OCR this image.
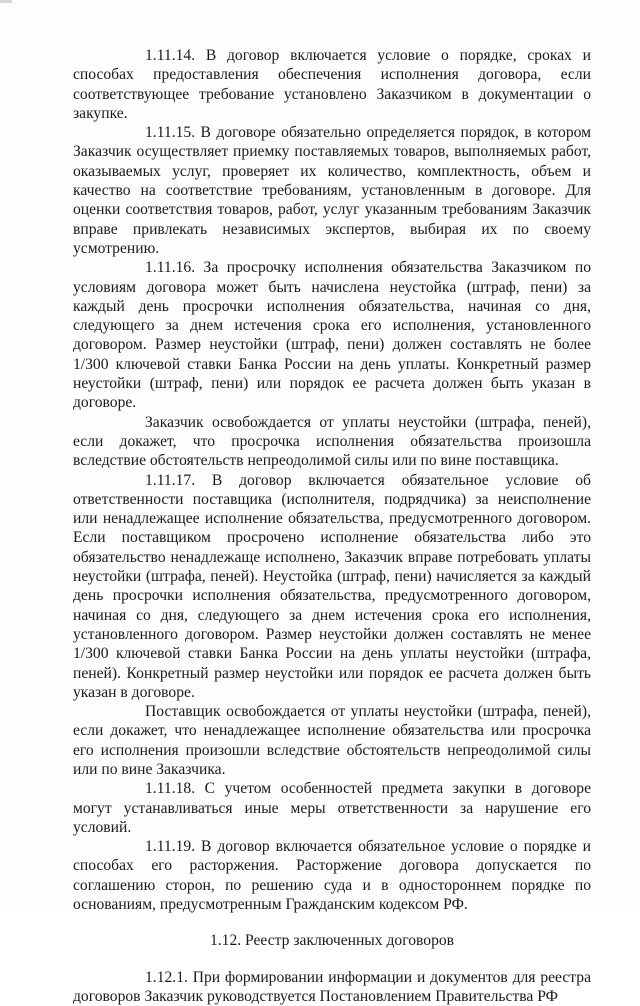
1.11.14. В договор включается условие о порядке, сроках и способах предоставления обеспечения исполнения договора, если соответствующее требование установлено Заказчиком в документации о закупке.

1.11.15. В договоре обязательно определяется порядок, в котором Заказчик осуществляет приемку поставляемых товаров, выполняемых работ, оказываемых услуг, проверяет их количество, комплектность, объем и качество на соответствие требованиям, установленным в договоре. Для оценки соответствия товаров, работ, услуг указанным требованиям Заказчик вправе привлекать независимых экспертов, выбирая их по своему усмотрению.

1.11.16. За просрочку исполнения обязательства Заказчиком по условиям договора может быть начислена неустойка (штраф, пени) за каждый день просрочки исполнения обязательства, начиная со дня, следующего за днем истечения срока его исполнения, установленного договором. Размер неустойки (штраф, пени) должен составлять не более 1/300 ключевой ставки Банка России на день уплаты. Конкретный размер неустойки (штраф, пени) или порядок ее расчета должен быть указан в договоре.

Заказчик освобождается от уплаты неустойки (штрафа, пеней), если докажет, что просрочка исполнения обязательства произошла вследствие обстоятельств непреодолимой силы или по вине поставщика.

1.11.17. В договор включается обязательное условие об ответственности поставщика (исполнителя, подрядчика) за неисполнение или ненадлежащее исполнение обязательства, предусмотренного договором. Если поставщиком просрочено исполнение обязательства либо это обязательство ненадлежаще исполнено, Заказчик вправе потребовать уплаты неустойки (штрафа, пеней). Неустойка (штраф, пени) начисляется за каждый день просрочки исполнения обязательства, предусмотренного договором, начиная со дня, следующего за днем истечения срока его исполнения, установленного договором. Размер неустойки должен составлять не менее 1/300 ключевой ставки Банка России на день уплаты неустойки (штрафа, пеней). Конкретный размер неустойки или порядок ее расчета должен быть указан в договоре.

Поставщик освобождается от уплаты неустойки (штрафа, пеней), если докажет, что ненадлежащее исполнение обязательства или просрочка его исполнения произошли вследствие обстоятельств непреодолимой силы или по вине Заказчика.

1.11.18. С учетом особенностей предмета закупки в договоре могут устанавливаться иные меры ответственности за нарушение его условий.

1.11.19. В договор включается обязательное условие о порядке и способах его расторжения. Расторжение договора допускается по соглашению сторон, по решению суда и в одностороннем порядке по основаниям, предусмотренным Гражданским кодексом РФ.

1.12. Реестр заключенных договоров

1.12.1. При формировании информации и документов для реестра договоров Заказчик руководствуется Постановлением Правительства РФ
